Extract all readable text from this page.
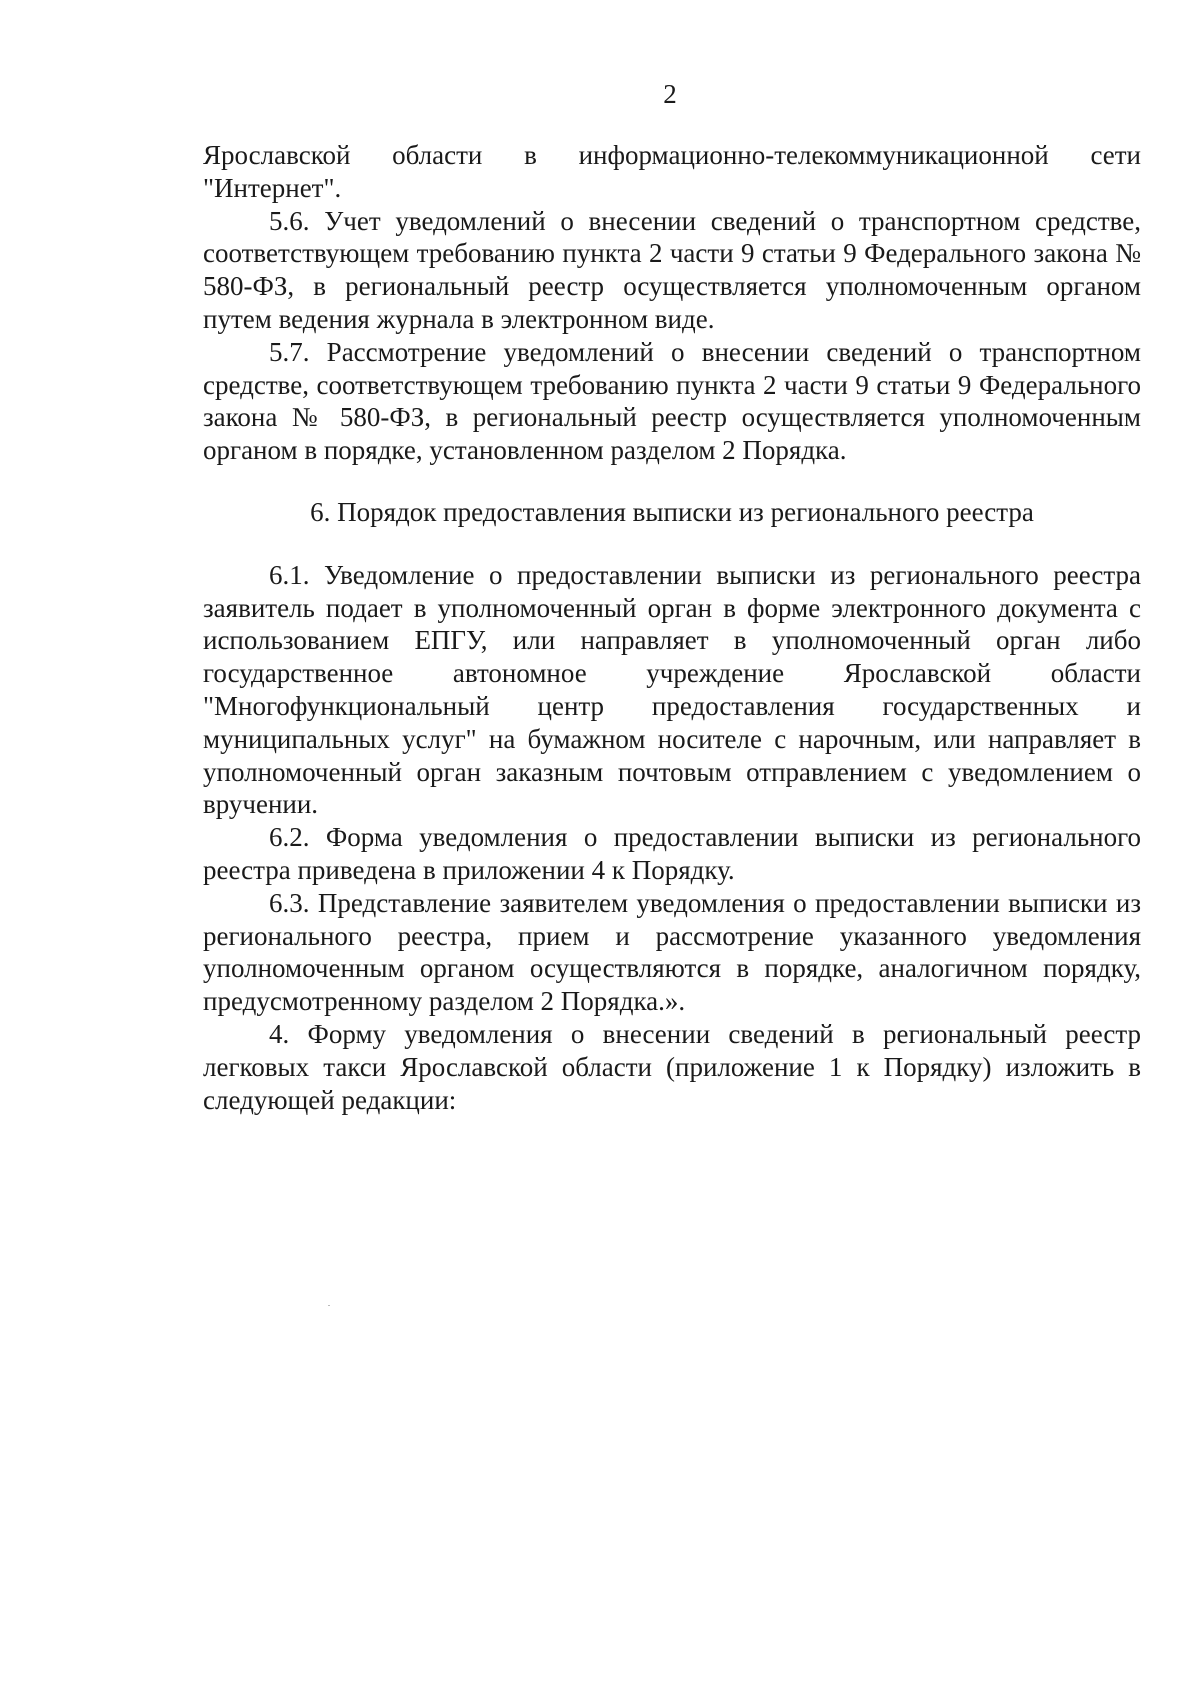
2

Ярославской области в информационно-телекоммуникационной сети "Интернет".

5.6. Учет уведомлений о внесении сведений о транспортном средстве, соответствующем требованию пункта 2 части 9 статьи 9 Федерального закона № 580-ФЗ, в региональный реестр осуществляется уполномоченным органом путем ведения журнала в электронном виде.

5.7. Рассмотрение уведомлений о внесении сведений о транспортном средстве, соответствующем требованию пункта 2 части 9 статьи 9 Федерального закона № 580-ФЗ, в региональный реестр осуществляется уполномоченным органом в порядке, установленном разделом 2 Порядка.

6. Порядок предоставления выписки из регионального реестра

6.1. Уведомление о предоставлении выписки из регионального реестра заявитель подает в уполномоченный орган в форме электронного документа с использованием ЕПГУ, или направляет в уполномоченный орган либо государственное автономное учреждение Ярославской области "Многофункциональный центр предоставления государственных и муниципальных услуг" на бумажном носителе с нарочным, или направляет в уполномоченный орган заказным почтовым отправлением с уведомлением о вручении.

6.2. Форма уведомления о предоставлении выписки из регионального реестра приведена в приложении 4 к Порядку.

6.3. Представление заявителем уведомления о предоставлении выписки из регионального реестра, прием и рассмотрение указанного уведомления уполномоченным органом осуществляются в порядке, аналогичном порядку, предусмотренному разделом 2 Порядка.».

4. Форму уведомления о внесении сведений в региональный реестр легковых такси Ярославской области (приложение 1 к Порядку) изложить в следующей редакции:
